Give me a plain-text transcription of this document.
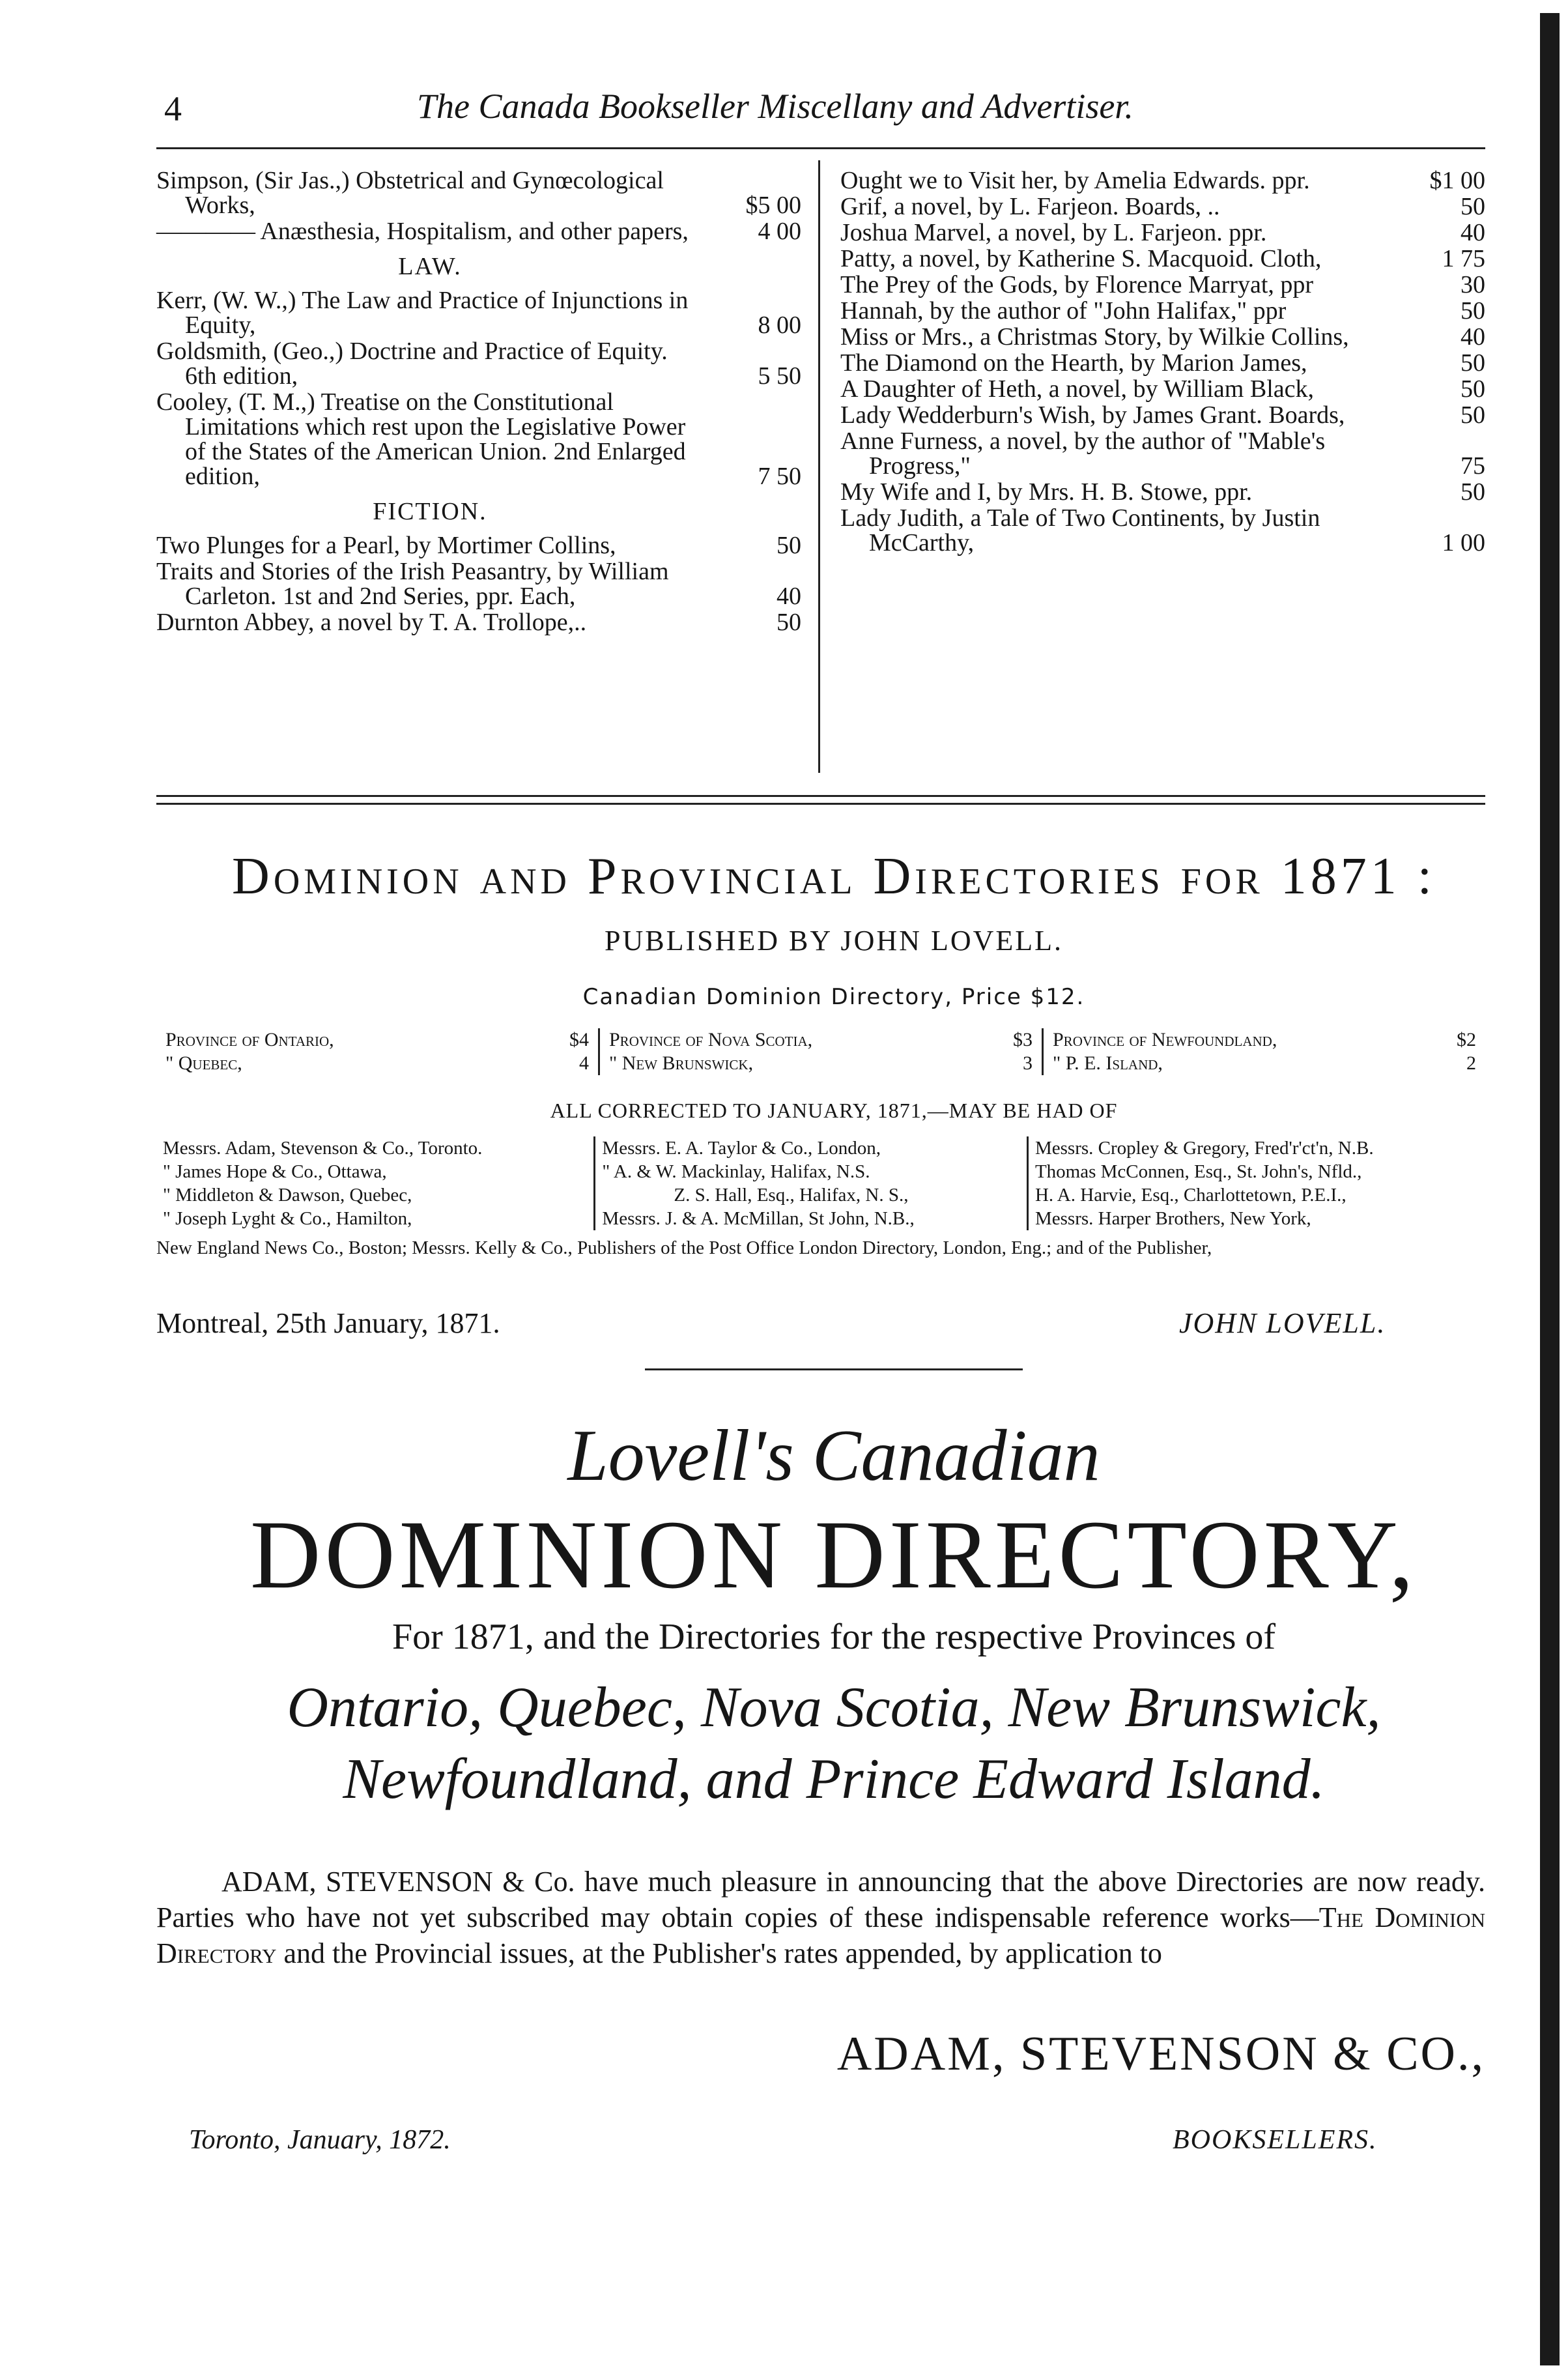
4	The Canada Bookseller Miscellany and Advertiser.
Simpson, (Sir Jas.,) Obstetrical and Gynœcological Works,	$5 00
———— Anæsthesia, Hospitalism, and other papers,	4 00
LAW.
Kerr, (W. W.,) The Law and Practice of Injunctions in Equity,	8 00
Goldsmith, (Geo.,) Doctrine and Practice of Equity. 6th edition,	5 50
Cooley, (T. M.,) Treatise on the Constitutional Limitations which rest upon the Legislative Power of the States of the American Union. 2nd Enlarged edition,	7 50
FICTION.
Two Plunges for a Pearl, by Mortimer Collins,	50
Traits and Stories of the Irish Peasantry, by William Carleton. 1st and 2nd Series, ppr. Each,	40
Durnton Abbey, a novel by T. A. Trollope,..	50
Ought we to Visit her, by Amelia Edwards. ppr.	$1 00
Grif, a novel, by L. Farjeon. Boards, ..	50
Joshua Marvel, a novel, by L. Farjeon. ppr.	40
Patty, a novel, by Katherine S. Macquoid. Cloth,	1 75
The Prey of the Gods, by Florence Marryat, ppr	30
Hannah, by the author of "John Halifax," ppr	50
Miss or Mrs., a Christmas Story, by Wilkie Collins,	40
The Diamond on the Hearth, by Marion James,	50
A Daughter of Heth, a novel, by William Black,	50
Lady Wedderburn's Wish, by James Grant. Boards,	50
Anne Furness, a novel, by the author of "Mable's Progress,"	75
My Wife and I, by Mrs. H. B. Stowe, ppr.	50
Lady Judith, a Tale of Two Continents, by Justin McCarthy,	1 00
Dominion and Provincial Directories for 1871 :
PUBLISHED BY JOHN LOVELL.
Canadian Dominion Directory, Price $12.
Province of Ontario,	$4
" Quebec,	4
Province of Nova Scotia,	$3
" New Brunswick,	3
Province of Newfoundland,	$2
" P. E. Island,	2
ALL CORRECTED TO JANUARY, 1871,—MAY BE HAD OF
Messrs. Adam, Stevenson & Co., Toronto.
" James Hope & Co., Ottawa,
" Middleton & Dawson, Quebec,
" Joseph Lyght & Co., Hamilton,
Messrs. E. A. Taylor & Co., London,
" A. & W. Mackinlay, Halifax, N.S.
Z. S. Hall, Esq., Halifax, N. S.,
Messrs. J. & A. McMillan, St John, N.B.,
Messrs. Cropley & Gregory, Fred'r'ct'n, N.B.
Thomas McConnen, Esq., St. John's, Nfld.,
H. A. Harvie, Esq., Charlottetown, P.E.I.,
Messrs. Harper Brothers, New York,
New England News Co., Boston; Messrs. Kelly & Co., Publishers of the Post Office London Directory, London, Eng.; and of the Publisher,
Montreal, 25th January, 1871.	JOHN LOVELL.
Lovell's Canadian
DOMINION DIRECTORY,
For 1871, and the Directories for the respective Provinces of
Ontario, Quebec, Nova Scotia, New Brunswick,
Newfoundland, and Prince Edward Island.
ADAM, STEVENSON & Co. have much pleasure in announcing that the above Directories are now ready. Parties who have not yet subscribed may obtain copies of these indispensable reference works—The Dominion Directory and the Provincial issues, at the Publisher's rates appended, by application to
ADAM, STEVENSON & CO.,
Toronto, January, 1872.	BOOKSELLERS.
